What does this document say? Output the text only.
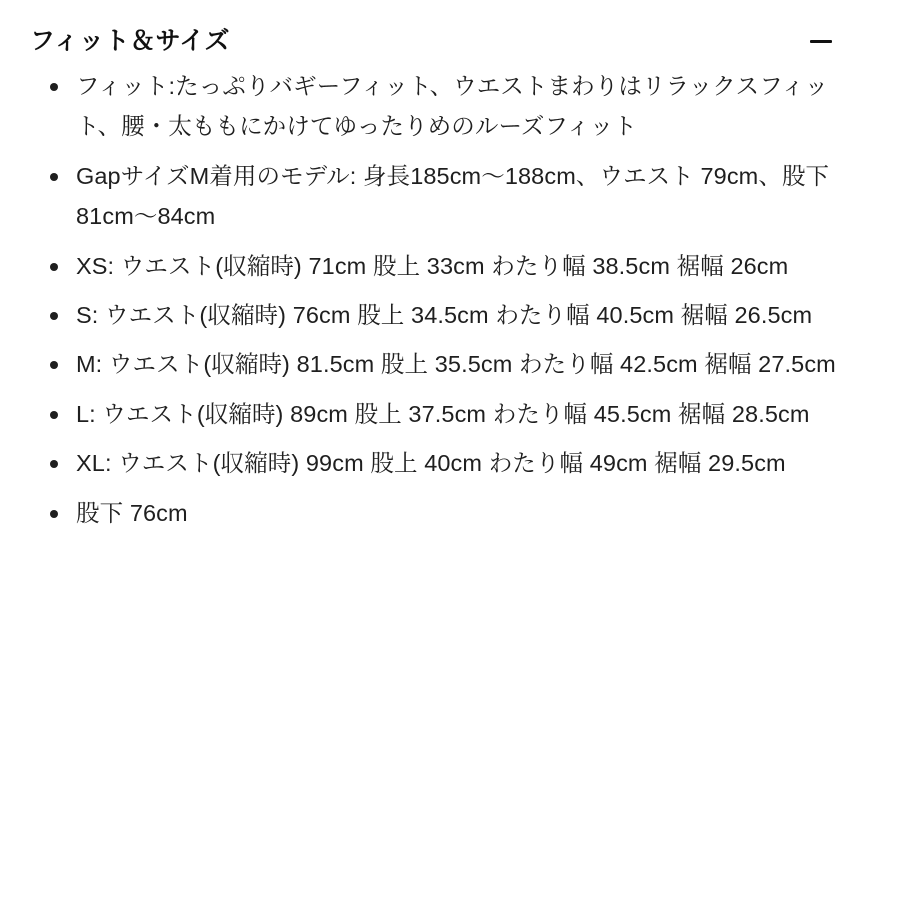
フィット＆サイズ
フィット:たっぷりバギーフィット、ウエストまわりはリラックスフィット、腰・太ももにかけてゆったりめのルーズフィット
GapサイズM着用のモデル: 身長185cm〜188cm、ウエスト 79cm、股下81cm〜84cm
XS: ウエスト(収縮時) 71cm 股上 33cm わたり幅 38.5cm 裾幅 26cm
S: ウエスト(収縮時) 76cm 股上 34.5cm わたり幅 40.5cm 裾幅 26.5cm
M: ウエスト(収縮時) 81.5cm 股上 35.5cm わたり幅 42.5cm 裾幅 27.5cm
L: ウエスト(収縮時) 89cm 股上 37.5cm わたり幅 45.5cm 裾幅 28.5cm
XL: ウエスト(収縮時) 99cm 股上 40cm わたり幅 49cm 裾幅 29.5cm
股下 76cm
